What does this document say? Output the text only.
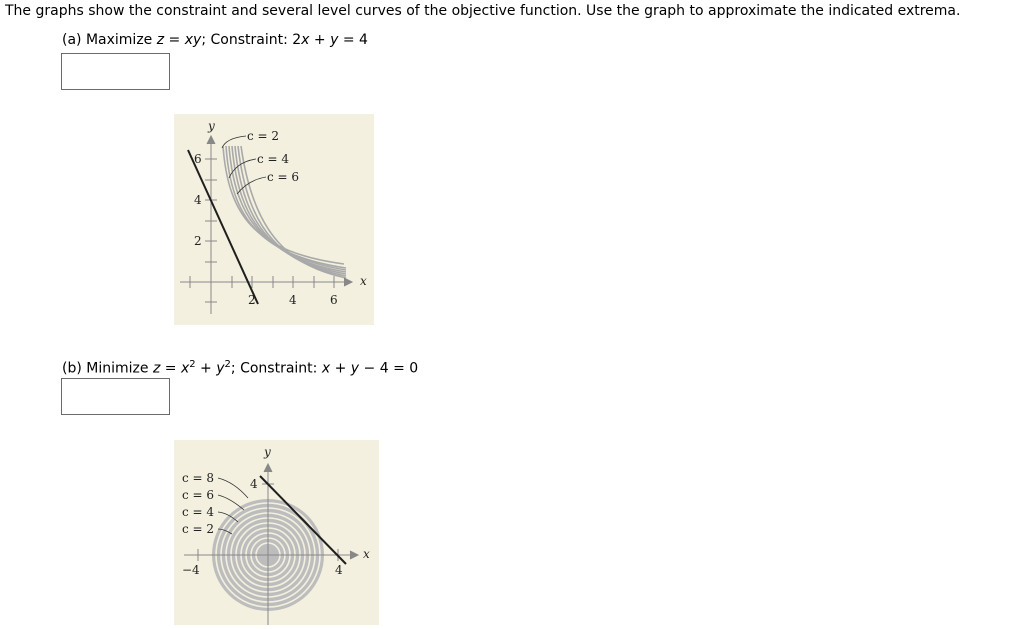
The graphs show the constraint and several level curves of the objective function. Use the graph to approximate the indicated extrema.
(a) Maximize z = xy; Constraint: 2x + y = 4
y
x
6
4
2
2	4	6
c = 2
c = 4
c = 6
(b) Minimize $z = x^2 + y^2$; Constraint: x + y − 4 = 0
y
x
4
4
−4
c = 8
c = 6
c = 4
c = 2
